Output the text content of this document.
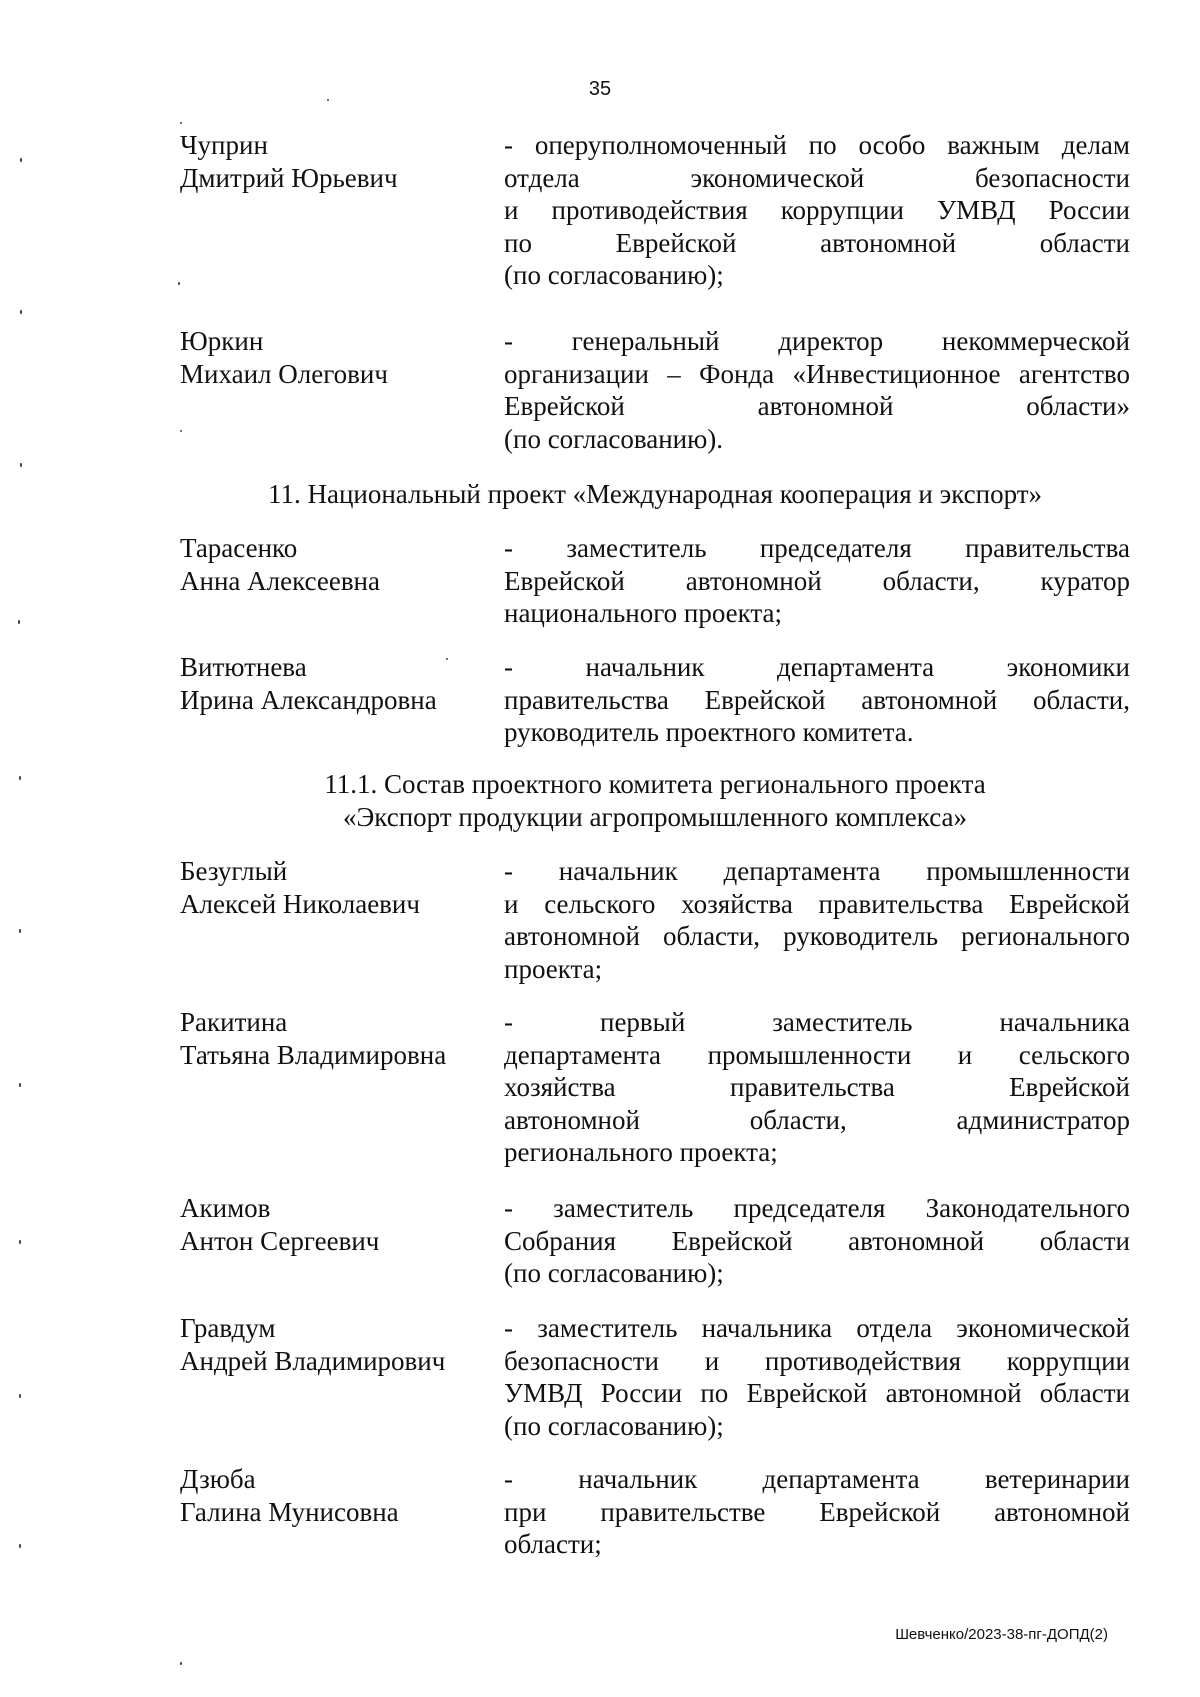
35
Чуприн
Дмитрий Юрьевич
- оперуполномоченный по особо важным делам
отдела экономической безопасности
и противодействия коррупции УМВД России
по Еврейской автономной области
(по согласованию);
Юркин
Михаил Олегович
- генеральный директор некоммерческой
организации – Фонда «Инвестиционное агентство
Еврейской автономной области»
(по согласованию).
11. Национальный проект «Международная кооперация и экспорт»
Тарасенко
Анна Алексеевна
- заместитель председателя правительства
Еврейской автономной области, куратор
национального проекта;
Витютнева
Ирина Александровна
- начальник департамента экономики
правительства Еврейской автономной области,
руководитель проектного комитета.
11.1. Состав проектного комитета регионального проекта
«Экспорт продукции агропромышленного комплекса»
Безуглый
Алексей Николаевич
- начальник департамента промышленности
и сельского хозяйства правительства Еврейской
автономной области, руководитель регионального
проекта;
Ракитина
Татьяна Владимировна
- первый заместитель начальника
департамента промышленности и сельского
хозяйства правительства Еврейской
автономной области, администратор
регионального проекта;
Акимов
Антон Сергеевич
- заместитель председателя Законодательного
Собрания Еврейской автономной области
(по согласованию);
Гравдум
Андрей Владимирович
- заместитель начальника отдела экономической
безопасности и противодействия коррупции
УМВД России по Еврейской автономной области
(по согласованию);
Дзюба
Галина Мунисовна
- начальник департамента ветеринарии
при правительстве Еврейской автономной
области;
Шевченко/2023-38-пг-ДОПД(2)
